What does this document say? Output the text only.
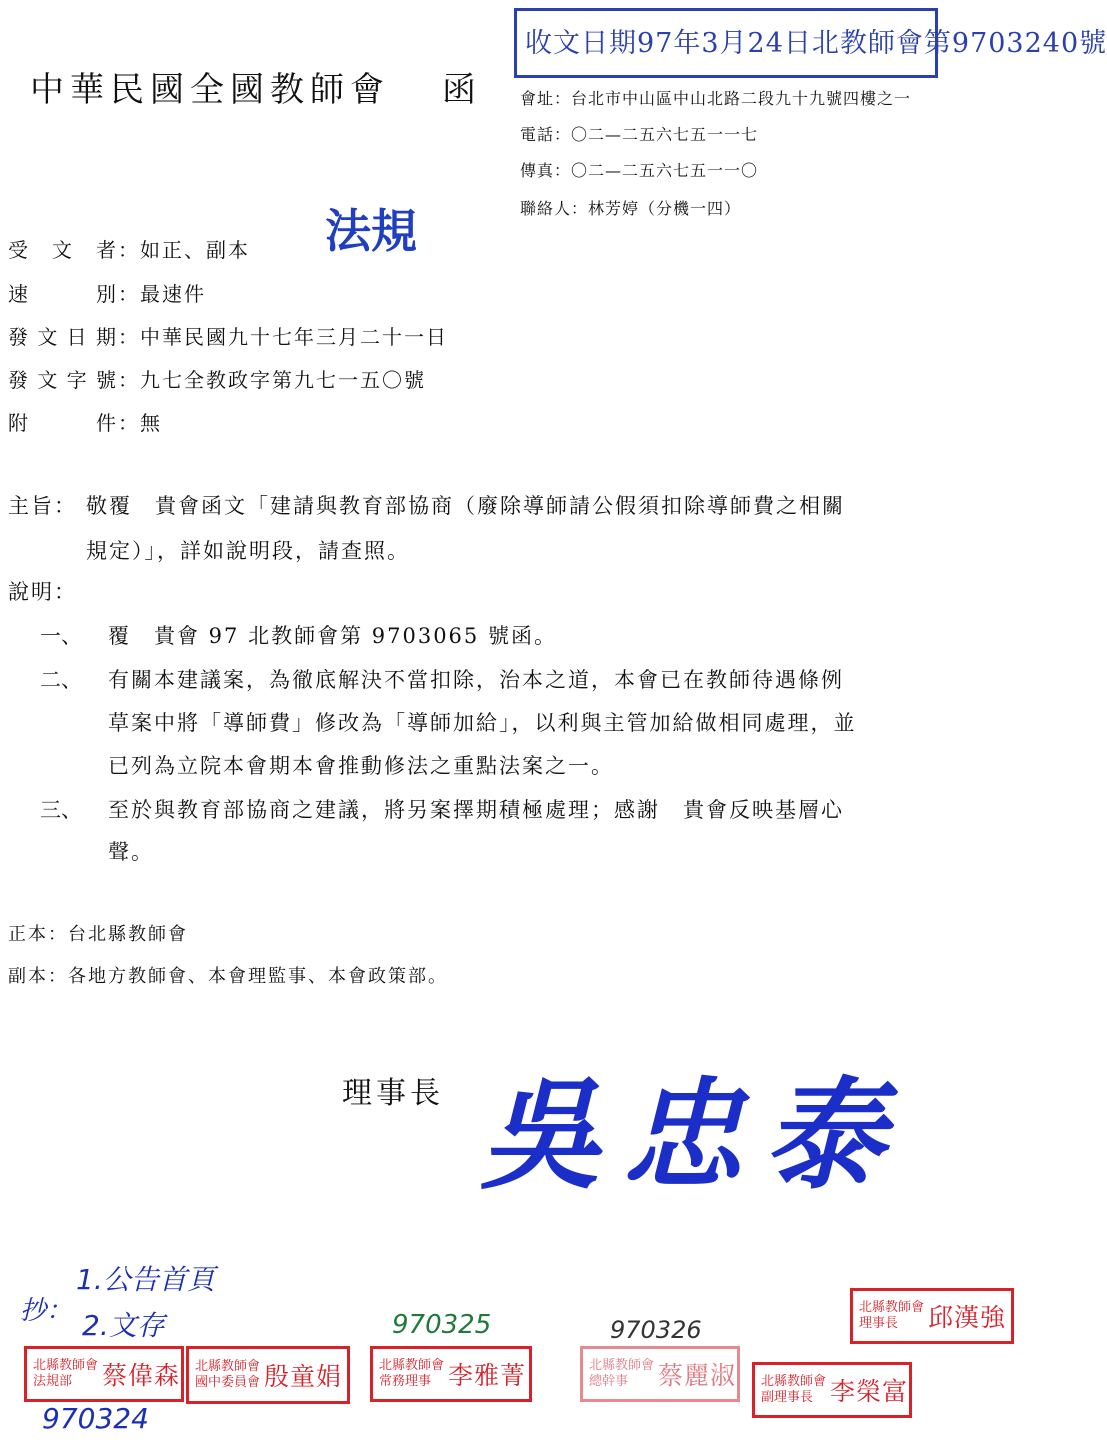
中華民國全國教師會 函
收文日期97年3月24日北教師會第9703240號
會址：台北市中山區中山北路二段九十九號四樓之一
電話：〇二—二五六七五一一七
傳真：〇二—二五六七五一一〇
聯絡人：林芳婷（分機一四）
法規
受文者：如正、副本
速別：最速件
發文日期：中華民國九十七年三月二十一日
發文字號：九七全教政字第九七一五〇號
附件：無
主旨： 敬覆　貴會函文「建請與教育部協商（廢除導師請公假須扣除導師費之相關
規定）」，詳如說明段，請查照。
說明：
一、 覆　貴會 97 北教師會第 9703065 號函。
二、 有關本建議案，為徹底解決不當扣除，治本之道，本會已在教師待遇條例
草案中將「導師費」修改為「導師加給」，以利與主管加給做相同處理，並
已列為立院本會期本會推動修法之重點法案之一。
三、 至於與教育部協商之建議，將另案擇期積極處理；感謝　貴會反映基層心
聲。
正本：台北縣教師會
副本：各地方教師會、本會理監事、本會政策部。
理事長 吳忠泰
抄：
1.公告首頁
2.文存
970324
970325	970326
北縣教師會
法規部	蔡偉森 北縣教師會
國中委員會 殷童娟	北縣教師會
常務理事 李雅菁	北縣教師會
總幹事	蔡麗淑 北縣教師會
副理事長 李榮富
北縣教師會
理事長	邱漢強
